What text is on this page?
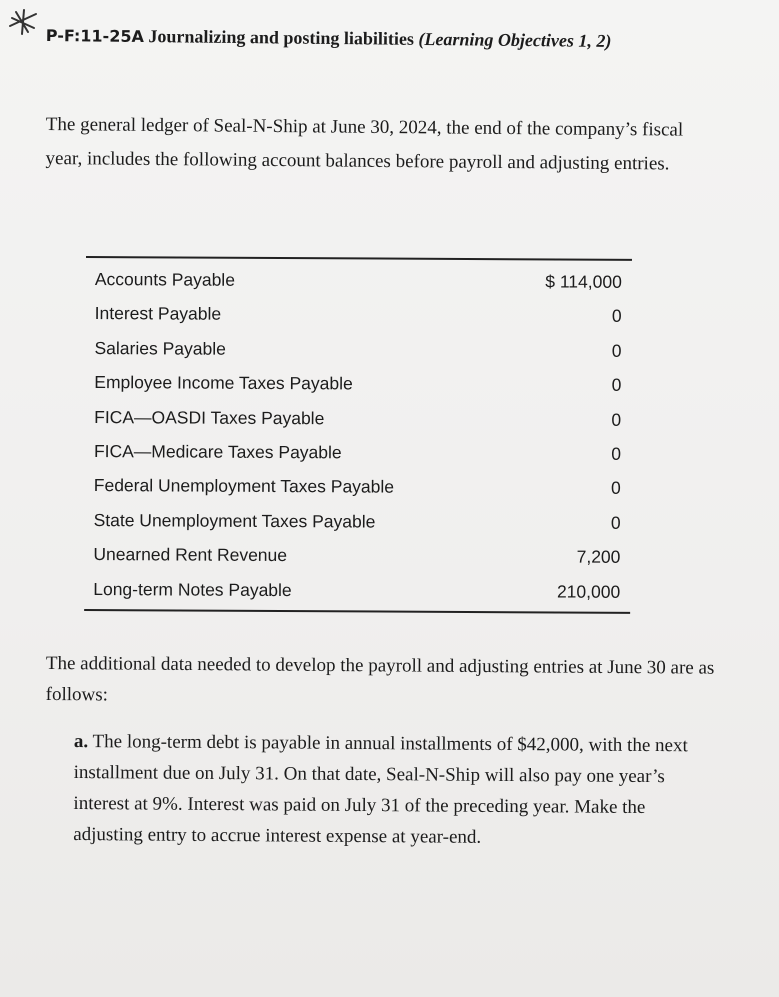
P-F:11-25A Journalizing and posting liabilities (Learning Objectives 1, 2)
The general ledger of Seal-N-Ship at June 30, 2024, the end of the company’s fiscal year, includes the following account balances before payroll and adjusting entries.
Accounts Payable	$ 114,000
Interest Payable	0
Salaries Payable	0
Employee Income Taxes Payable	0
FICA—OASDI Taxes Payable	0
FICA—Medicare Taxes Payable	0
Federal Unemployment Taxes Payable	0
State Unemployment Taxes Payable	0
Unearned Rent Revenue	7,200
Long-term Notes Payable	210,000
The additional data needed to develop the payroll and adjusting entries at June 30 are as follows:
a. The long-term debt is payable in annual installments of $42,000, with the next installment due on July 31. On that date, Seal-N-Ship will also pay one year’s interest at 9%. Interest was paid on July 31 of the preceding year. Make the adjusting entry to accrue interest expense at year-end.
